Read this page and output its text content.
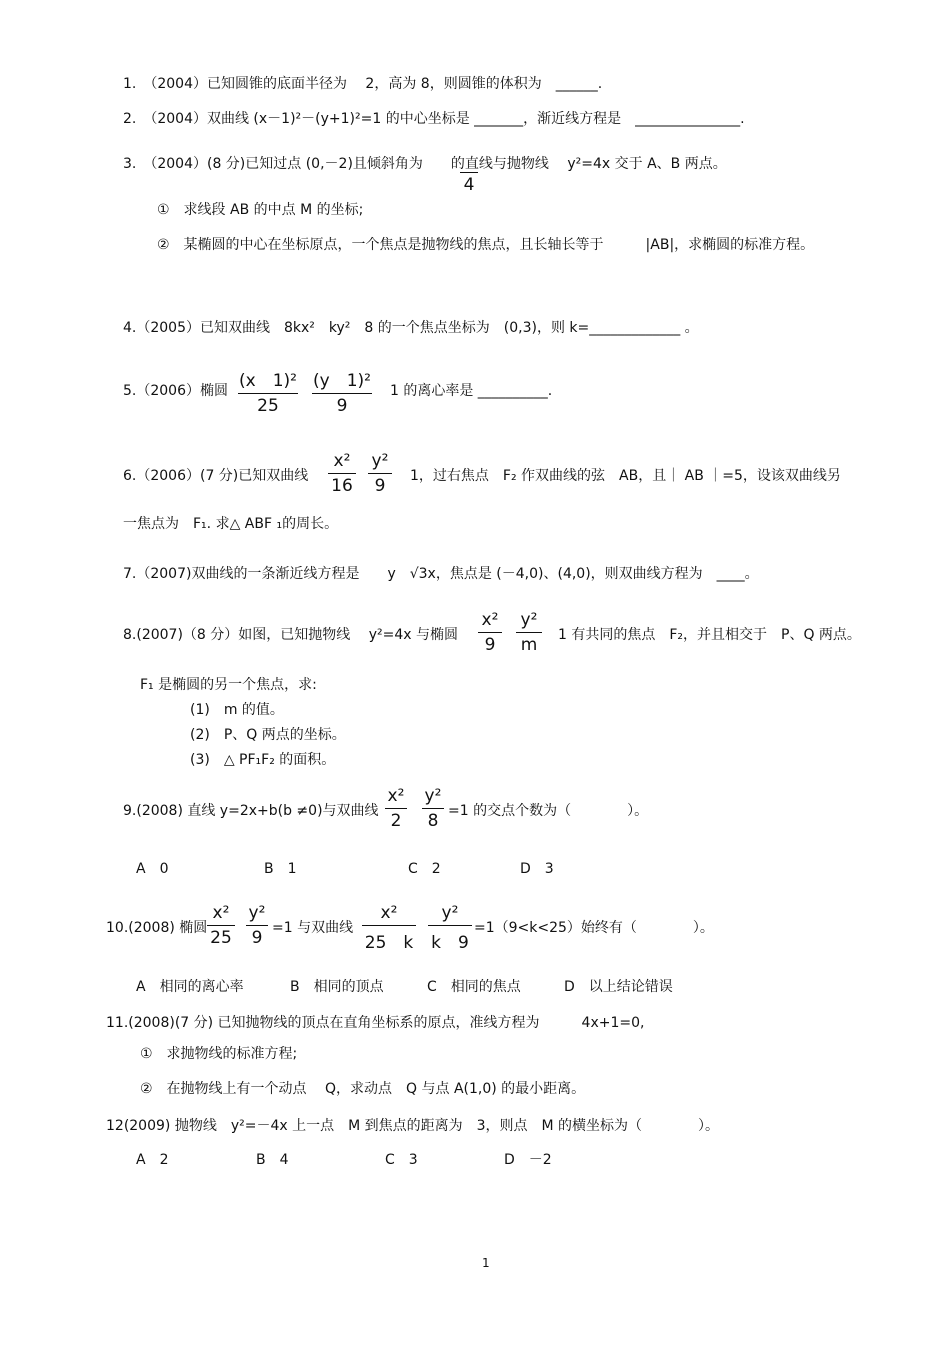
1.　（2004）已知圆锥的底面半径为　 2，高为 8，则圆锥的体积为　______.
2.　（2004）双曲线 (x－1)²－(y+1)²=1 的中心坐标是 _______，渐近线方程是　_______________.
3.　（2004）(8 分)已知过点 (0,－2)且倾斜角为　　的直线与抛物线　 y²=4x 交于 A、B 两点。

4
①　求线段 AB 的中点 M 的坐标;
②　某椭圆的中心在坐标原点，一个焦点是抛物线的焦点，且长轴长等于　　　|AB|，求椭圆的标准方程。
4.（2005）已知双曲线　8kx²　ky²　8 的一个焦点坐标为　(0,3)，则 k=_____________ 。
5.（2006）椭圆 (x　1)²
25
(y　1)²
9
1 的离心率是 __________.
6.（2006）(7 分)已知双曲线
x²
16
y²
9	1，过右焦点　F₂ 作双曲线的弦　AB，且｜ AB ｜=5，设该双曲线另
一焦点为　F₁. 求△ ABF ₁的周长。
7.（2007)双曲线的一条渐近线方程是　　y　√3x，焦点是 (－4,0)、(4,0)，则双曲线方程为　____。
8.(2007)（8 分）如图，已知抛物线　 y²=4x 与椭圆
x²
9
y²
m	1 有共同的焦点　F₂，并且相交于　P、Q 两点。
F₁ 是椭圆的另一个焦点，求:
(1)　m 的值。
(2)　P、Q 两点的坐标。
(3)　△ PF₁F₂ 的面积。
9.(2008) 直线 y=2x+b(b ≠0)与双曲线
x²
2
y²
8 =1 的交点个数为（　　　　）。
A　0	B　1	C　2	D　3
10.(2008) 椭圆
x²
25
y²
9 =1 与双曲线
x²
25　k
y²
k　9
=1（9<k<25）始终有（　　　　）。
A　相同的离心率	B　相同的顶点	C　相同的焦点	D　以上结论错误
11.(2008)(7 分) 已知抛物线的顶点在直角坐标系的原点，准线方程为　　　4x+1=0,
①　求抛物线的标准方程;
②　在抛物线上有一个动点　 Q，求动点　Q 与点 A(1,0) 的最小距离。
12(2009) 抛物线　y²=－4x 上一点　M 到焦点的距离为　3，则点　M 的横坐标为（　　　　）。
A　2	B　4	C　3	D　－2
1
